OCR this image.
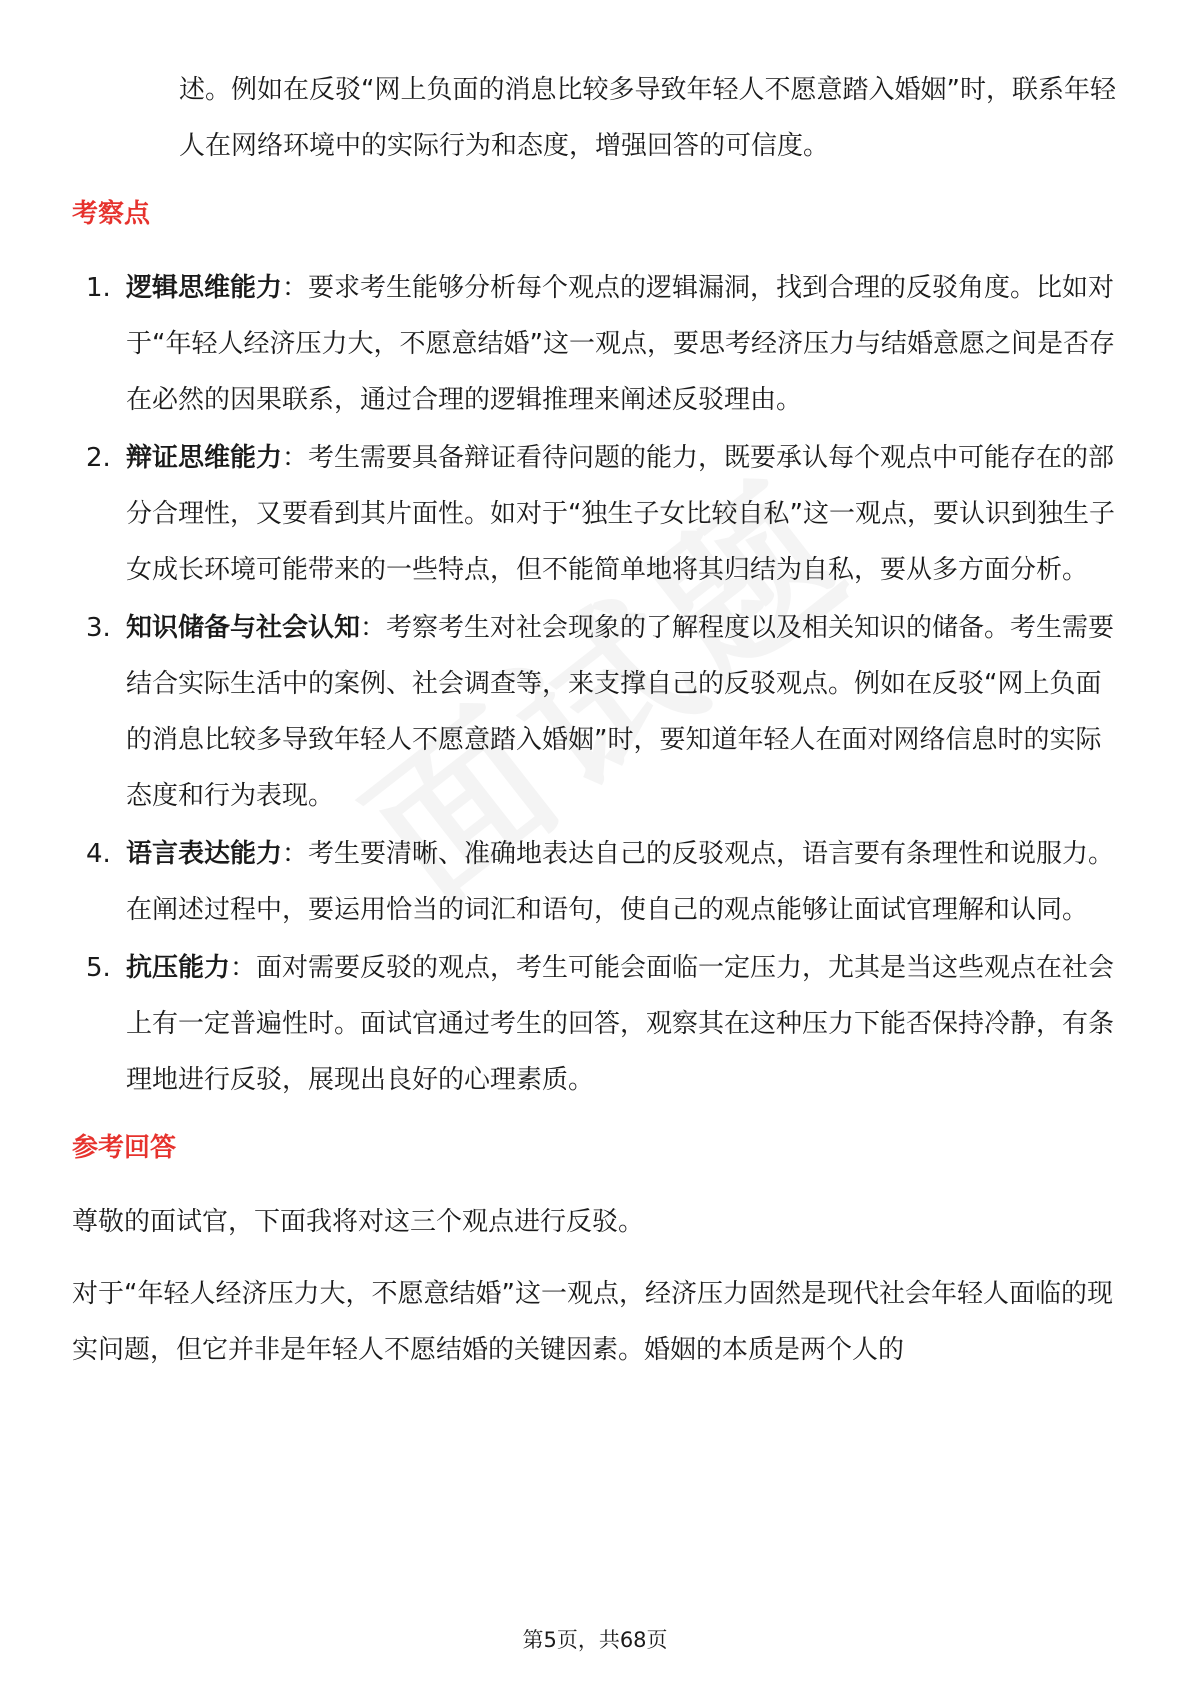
述。例如在反驳“网上负面的消息比较多导致年轻人不愿意踏入婚姻”时，联系年轻人在网络环境中的实际行为和态度，增强回答的可信度。

考察点
1. 逻辑思维能力：要求考生能够分析每个观点的逻辑漏洞，找到合理的反驳角度。比如对于“年轻人经济压力大，不愿意结婚”这一观点，要思考经济压力与结婚意愿之间是否存在必然的因果联系，通过合理的逻辑推理来阐述反驳理由。
2. 辩证思维能力：考生需要具备辩证看待问题的能力，既要承认每个观点中可能存在的部分合理性，又要看到其片面性。如对于“独生子女比较自私”这一观点，要认识到独生子女成长环境可能带来的一些特点，但不能简单地将其归结为自私，要从多方面分析。
3. 知识储备与社会认知：考察考生对社会现象的了解程度以及相关知识的储备。考生需要结合实际生活中的案例、社会调查等，来支撑自己的反驳观点。例如在反驳“网上负面的消息比较多导致年轻人不愿意踏入婚姻”时，要知道年轻人在面对网络信息时的实际态度和行为表现。
4. 语言表达能力：考生要清晰、准确地表达自己的反驳观点，语言要有条理性和说服力。在阐述过程中，要运用恰当的词汇和语句，使自己的观点能够让面试官理解和认同。
5. 抗压能力：面对需要反驳的观点，考生可能会面临一定压力，尤其是当这些观点在社会上有一定普遍性时。面试官通过考生的回答，观察其在这种压力下能否保持冷静，有条理地进行反驳，展现出良好的心理素质。
参考回答

尊敬的面试官，下面我将对这三个观点进行反驳。

对于“年轻人经济压力大，不愿意结婚”这一观点，经济压力固然是现代社会年轻人面临的现实问题，但它并非是年轻人不愿结婚的关键因素。婚姻的本质是两个人的

第5页，共68页
